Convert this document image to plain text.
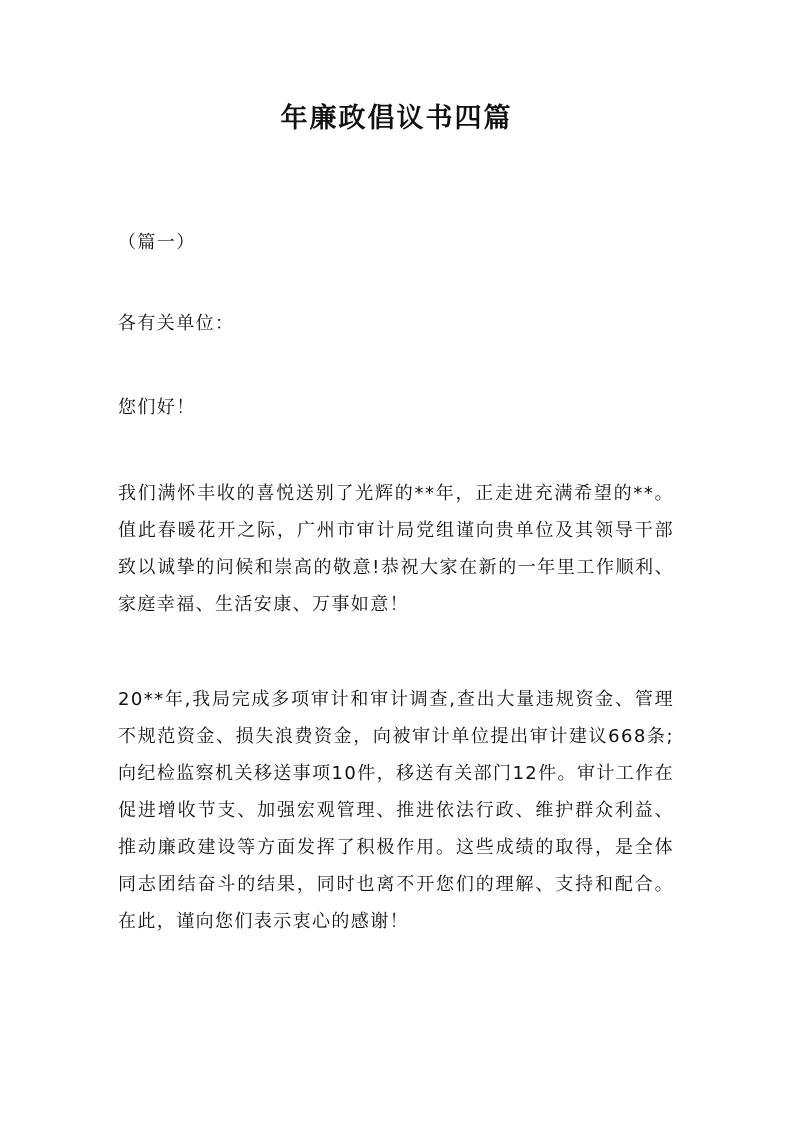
年廉政倡议书四篇

（篇一）

各有关单位：

您们好！

我们满怀丰收的喜悦送别了光辉的**年，正走进充满希望的**。值此春暖花开之际，广州市审计局党组谨向贵单位及其领导干部致以诚挚的问候和崇高的敬意!恭祝大家在新的一年里工作顺利、家庭幸福、生活安康、万事如意！

20**年,我局完成多项审计和审计调查,查出大量违规资金、管理不规范资金、损失浪费资金，向被审计单位提出审计建议668条;向纪检监察机关移送事项10件，移送有关部门12件。审计工作在促进增收节支、加强宏观管理、推进依法行政、维护群众利益、推动廉政建设等方面发挥了积极作用。这些成绩的取得，是全体同志团结奋斗的结果，同时也离不开您们的理解、支持和配合。在此，谨向您们表示衷心的感谢！
